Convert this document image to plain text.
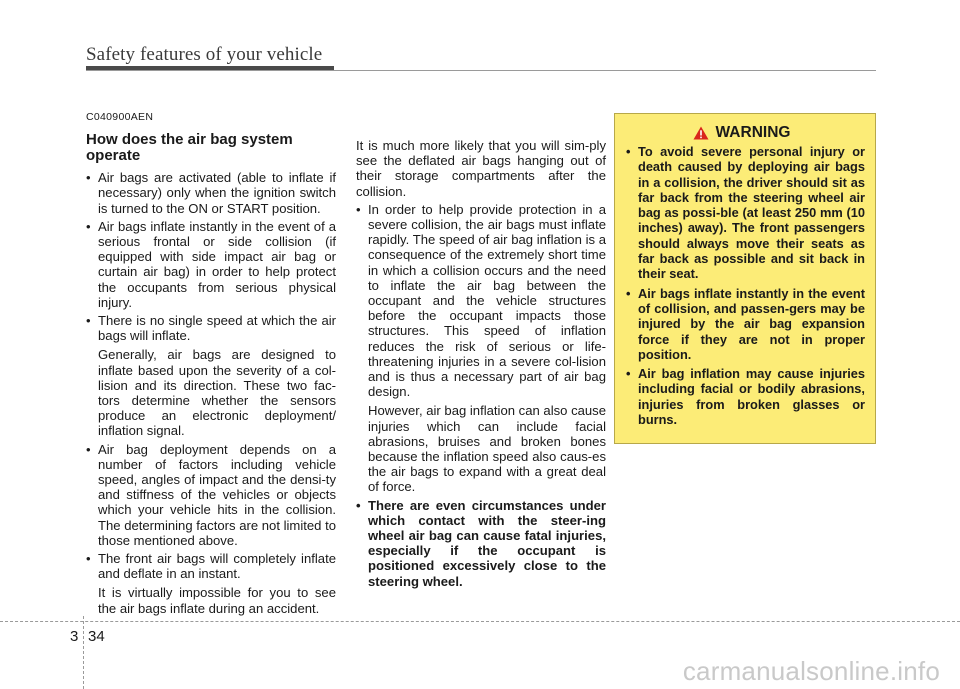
Safety features of your vehicle
C040900AEN
How does the air bag system operate
• Air bags are activated (able to inflate if necessary) only when the ignition switch is turned to the ON or START position.
• Air bags inflate instantly in the event of a serious frontal or side collision (if equipped with side impact air bag or curtain air bag) in order to help protect the occupants from serious physical injury.
• There is no single speed at which the air bags will inflate.
Generally, air bags are designed to inflate based upon the severity of a col-lision and its direction. These two fac-tors determine whether the sensors produce an electronic deployment/ inflation signal.
• Air bag deployment depends on a number of factors including vehicle speed, angles of impact and the densi-ty and stiffness of the vehicles or objects which your vehicle hits in the collision. The determining factors are not limited to those mentioned above.
• The front air bags will completely inflate and deflate in an instant.
It is virtually impossible for you to see the air bags inflate during an accident.
It is much more likely that you will sim-ply see the deflated air bags hanging out of their storage compartments after the collision.
• In order to help provide protection in a severe collision, the air bags must inflate rapidly. The speed of air bag inflation is a consequence of the extremely short time in which a collision occurs and the need to inflate the air bag between the occupant and the vehicle structures before the occupant impacts those structures. This speed of inflation reduces the risk of serious or life-threatening injuries in a severe col-lision and is thus a necessary part of air bag design.
However, air bag inflation can also cause injuries which can include facial abrasions, bruises and broken bones because the inflation speed also caus-es the air bags to expand with a great deal of force.
• There are even circumstances under which contact with the steer-ing wheel air bag can cause fatal injuries, especially if the occupant is positioned excessively close to the steering wheel.
WARNING
• To avoid severe personal injury or death caused by deploying air bags in a collision, the driver should sit as far back from the steering wheel air bag as possi-ble (at least 250 mm (10 inches) away). The front passengers should always move their seats as far back as possible and sit back in their seat.
• Air bags inflate instantly in the event of collision, and passen-gers may be injured by the air bag expansion force if they are not in proper position.
• Air bag inflation may cause injuries including facial or bodily abrasions, injuries from broken glasses or burns.
3 34
carmanualsonline.info
